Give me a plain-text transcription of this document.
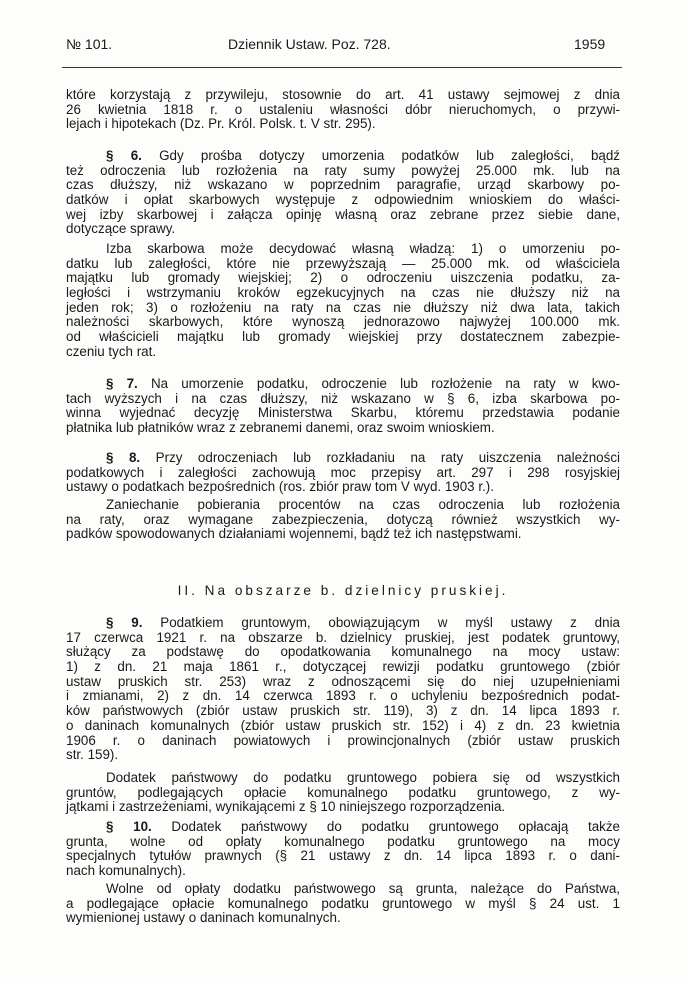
№ 101.	Dziennik Ustaw. Poz. 728.	1959
które korzystają z przywileju, stosownie do art. 41 ustawy sejmowej z dnia
26 kwietnia 1818 r. o ustaleniu własności dóbr nieruchomych, o przywi-
lejach i hipotekach (Dz. Pr. Król. Polsk. t. V str. 295).
§ 6. Gdy prośba dotyczy umorzenia podatków lub zaległości, bądź
też odroczenia lub rozłożenia na raty sumy powyżej 25.000 mk. lub na
czas dłuższy, niż wskazano w poprzednim paragrafie, urząd skarbowy po-
datków i opłat skarbowych występuje z odpowiednim wnioskiem do właści-
wej izby skarbowej i załącza opinję własną oraz zebrane przez siebie dane,
dotyczące sprawy.
Izba skarbowa może decydować własną władzą: 1) o umorzeniu po-
datku lub zaległości, które nie przewyższają — 25.000 mk. od właściciela
majątku lub gromady wiejskiej; 2) o odroczeniu uiszczenia podatku, za-
ległości i wstrzymaniu kroków egzekucyjnych na czas nie dłuższy niż na
jeden rok; 3) o rozłożeniu na raty na czas nie dłuższy niż dwa lata, takich
należności skarbowych, które wynoszą jednorazowo najwyżej 100.000 mk.
od właścicieli majątku lub gromady wiejskiej przy dostatecznem zabezpie-
czeniu tych rat.
§ 7. Na umorzenie podatku, odroczenie lub rozłożenie na raty w kwo-
tach wyższych i na czas dłuższy, niż wskazano w § 6, izba skarbowa po-
winna wyjednać decyzję Ministerstwa Skarbu, któremu przedstawia podanie
płatnika lub płatników wraz z zebranemi danemi, oraz swoim wnioskiem.
§ 8. Przy odroczeniach lub rozkładaniu na raty uiszczenia należności
podatkowych i zaległości zachowują moc przepisy art. 297 i 298 rosyjskiej
ustawy o podatkach bezpośrednich (ros. zbiór praw tom V wyd. 1903 r.).
Zaniechanie pobierania procentów na czas odroczenia lub rozłożenia
na raty, oraz wymagane zabezpieczenia, dotyczą również wszystkich wy-
padków spowodowanych działaniami wojennemi, bądź też ich następstwami.
II. Na obszarze b. dzielnicy pruskiej.
§ 9. Podatkiem gruntowym, obowiązującym w myśl ustawy z dnia
17 czerwca 1921 r. na obszarze b. dzielnicy pruskiej, jest podatek gruntowy,
służący za podstawę do opodatkowania komunalnego na mocy ustaw:
1) z dn. 21 maja 1861 r., dotyczącej rewizji podatku gruntowego (zbiór
ustaw pruskich str. 253) wraz z odnoszącemi się do niej uzupełnieniami
i zmianami, 2) z dn. 14 czerwca 1893 r. o uchyleniu bezpośrednich podat-
ków państwowych (zbiór ustaw pruskich str. 119), 3) z dn. 14 lipca 1893 r.
o daninach komunalnych (zbiór ustaw pruskich str. 152) i 4) z dn. 23 kwietnia
1906 r. o daninach powiatowych i prowincjonalnych (zbiór ustaw pruskich
str. 159).
Dodatek państwowy do podatku gruntowego pobiera się od wszystkich
gruntów, podlegających opłacie komunalnego podatku gruntowego, z wy-
jątkami i zastrzeżeniami, wynikającemi z § 10 niniejszego rozporządzenia.
§ 10. Dodatek państwowy do podatku gruntowego opłacają także
grunta, wolne od opłaty komunalnego podatku gruntowego na mocy
specjalnych tytułów prawnych (§ 21 ustawy z dn. 14 lipca 1893 r. o dani-
nach komunalnych).
Wolne od opłaty dodatku państwowego są grunta, należące do Państwa,
a podlegające opłacie komunalnego podatku gruntowego w myśl § 24 ust. 1
wymienionej ustawy o daninach komunalnych.
